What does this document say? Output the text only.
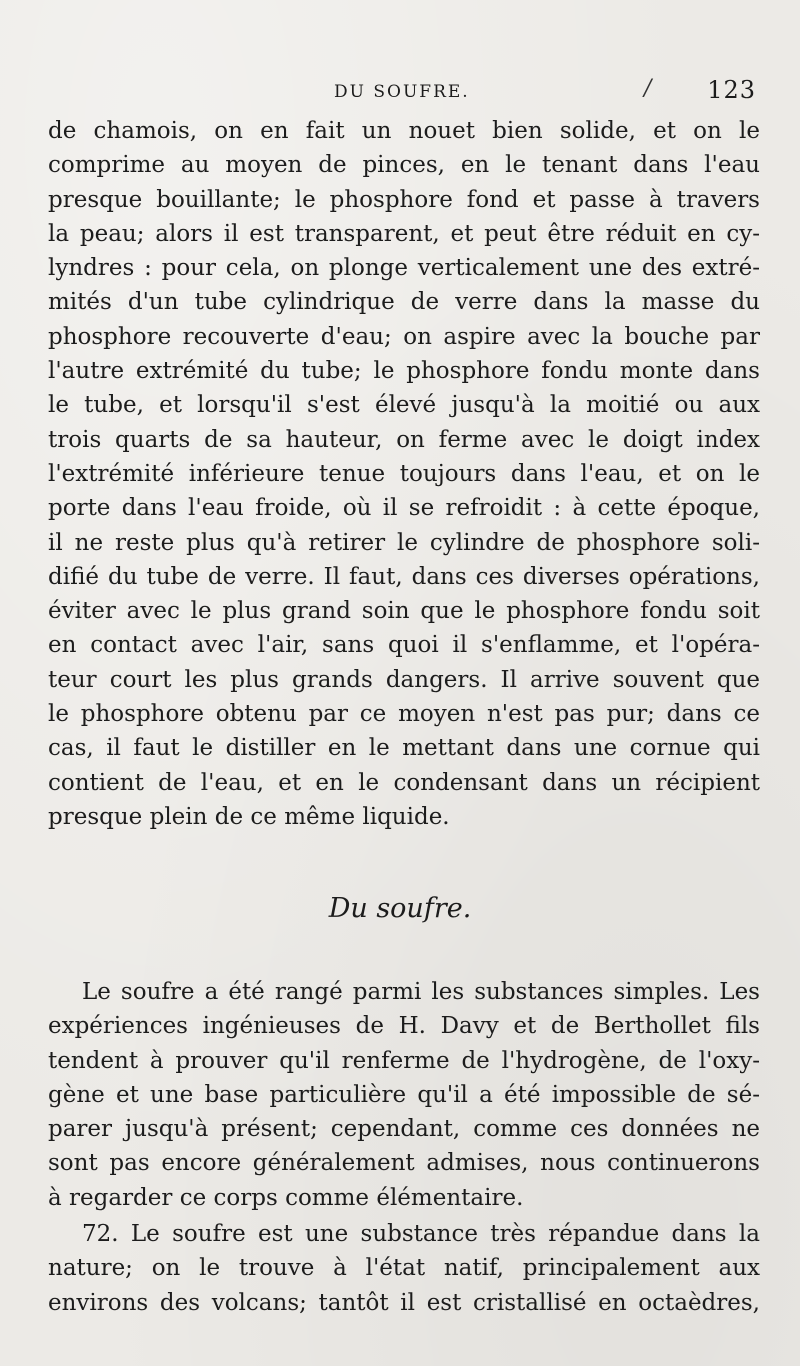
DU SOUFRE.	/ 123
de chamois, on en fait un nouet bien solide, et on le
comprime au moyen de pinces, en le tenant dans l'eau
presque bouillante; le phosphore fond et passe à travers
la peau; alors il est transparent, et peut être réduit en cy-
lyndres : pour cela, on plonge verticalement une des extré-
mités d'un tube cylindrique de verre dans la masse du
phosphore recouverte d'eau; on aspire avec la bouche par
l'autre extrémité du tube; le phosphore fondu monte dans
le tube, et lorsqu'il s'est élevé jusqu'à la moitié ou aux
trois quarts de sa hauteur, on ferme avec le doigt index
l'extrémité inférieure tenue toujours dans l'eau, et on le
porte dans l'eau froide, où il se refroidit : à cette époque,
il ne reste plus qu'à retirer le cylindre de phosphore soli-
difié du tube de verre. Il faut, dans ces diverses opérations,
éviter avec le plus grand soin que le phosphore fondu soit
en contact avec l'air, sans quoi il s'enflamme, et l'opéra-
teur court les plus grands dangers. Il arrive souvent que
le phosphore obtenu par ce moyen n'est pas pur; dans ce
cas, il faut le distiller en le mettant dans une cornue qui
contient de l'eau, et en le condensant dans un récipient
presque plein de ce même liquide.
Du soufre.
Le soufre a été rangé parmi les substances simples. Les
expériences ingénieuses de H. Davy et de Berthollet fils
tendent à prouver qu'il renferme de l'hydrogène, de l'oxy-
gène et une base particulière qu'il a été impossible de sé-
parer jusqu'à présent; cependant, comme ces données ne
sont pas encore généralement admises, nous continuerons
à regarder ce corps comme élémentaire.
72. Le soufre est une substance très répandue dans la
nature; on le trouve à l'état natif, principalement aux
environs des volcans; tantôt il est cristallisé en octaèdres,
